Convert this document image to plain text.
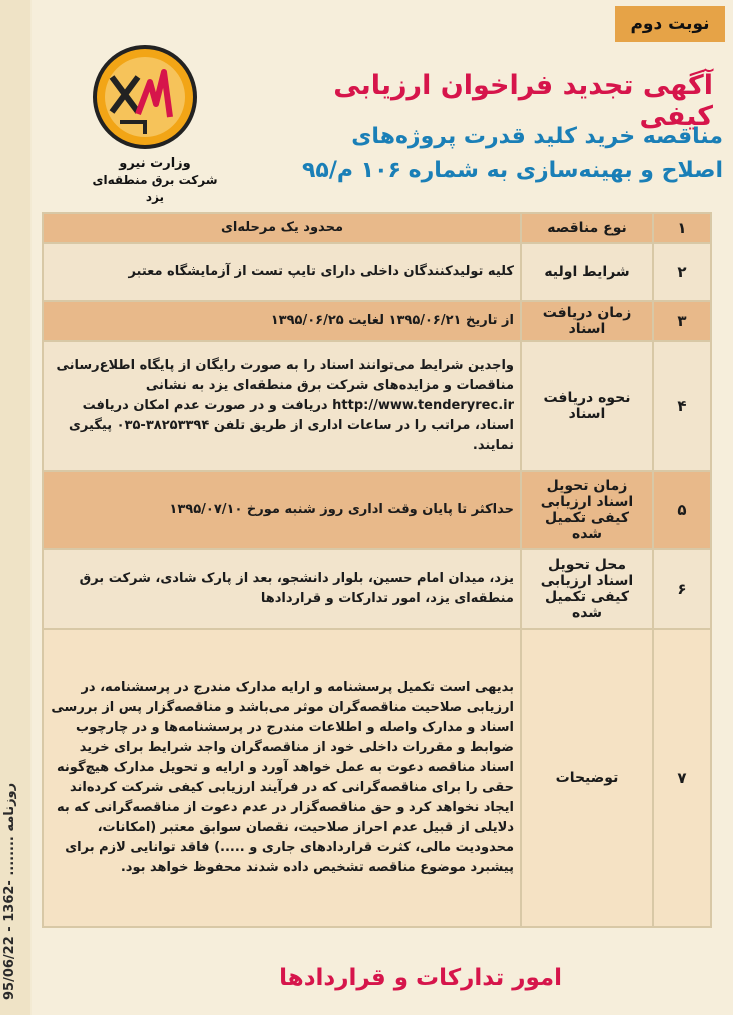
روزنامه ........ -1362 - 95/06/22
نوبت دوم
وزارت نیرو
شرکت برق منطقه‌ای یزد
آگهی تجدید فراخوان ارزیابی کیفی
مناقصه خرید کلید قدرت پروژه‌های
اصلاح و بهینه‌سازی به شماره ۱۰۶ م/۹۵
ParsNamadData
۱	نوع مناقصه	محدود یک مرحله‌ای
۲	شرایط اولیه	کلیه تولیدکنندگان داخلی دارای تایپ تست از آزمایشگاه معتبر
۳	زمان دریافت اسناد	از تاریخ ۱۳۹۵/۰۶/۲۱ لغایت ۱۳۹۵/۰۶/۲۵
۴	نحوه دریافت اسناد	واجدین شرایط می‌توانند اسناد را به صورت رایگان از پایگاه اطلاع‌رسانی مناقصات و مزایده‌های شرکت برق منطقه‌ای یزد به نشانی http://www.tenderyrec.ir دریافت و در صورت عدم امکان دریافت اسناد، مراتب را در ساعات اداری از طریق تلفن ۳۸۲۵۳۳۹۴-۰۳۵ پیگیری نمایند.
۵	زمان تحویل اسناد ارزیابی کیفی تکمیل شده	حداکثر تا پایان وقت اداری روز شنبه مورخ ۱۳۹۵/۰۷/۱۰
۶	محل تحویل اسناد ارزیابی کیفی تکمیل شده	یزد، میدان امام حسین، بلوار دانشجو، بعد از پارک شادی، شرکت برق منطقه‌ای یزد، امور تدارکات و قراردادها
۷	توضیحات	بدیهی است تکمیل پرسشنامه و ارایه مدارک مندرج در پرسشنامه، در ارزیابی صلاحیت مناقصه‌گران موثر می‌باشد و مناقصه‌گزار پس از بررسی اسناد و مدارک واصله و اطلاعات مندرج در پرسشنامه‌ها و در چارچوب ضوابط و مقررات داخلی خود از مناقصه‌گران واجد شرایط برای خرید اسناد مناقصه دعوت به عمل خواهد آورد و ارایه و تحویل مدارک هیچ‌گونه حقی را برای مناقصه‌گرانی که در فرآیند ارزیابی کیفی شرکت کرده‌اند ایجاد نخواهد کرد و حق مناقصه‌گزار در عدم دعوت از مناقصه‌گرانی که به دلایلی از قبیل عدم احراز صلاحیت، نقصان سوابق معتبر (امکانات، محدودیت مالی، کثرت قراردادهای جاری و .....) فاقد توانایی لازم برای پیشبرد موضوع مناقصه تشخیص داده شدند محفوظ خواهد بود.
امور تدارکات و قراردادها
